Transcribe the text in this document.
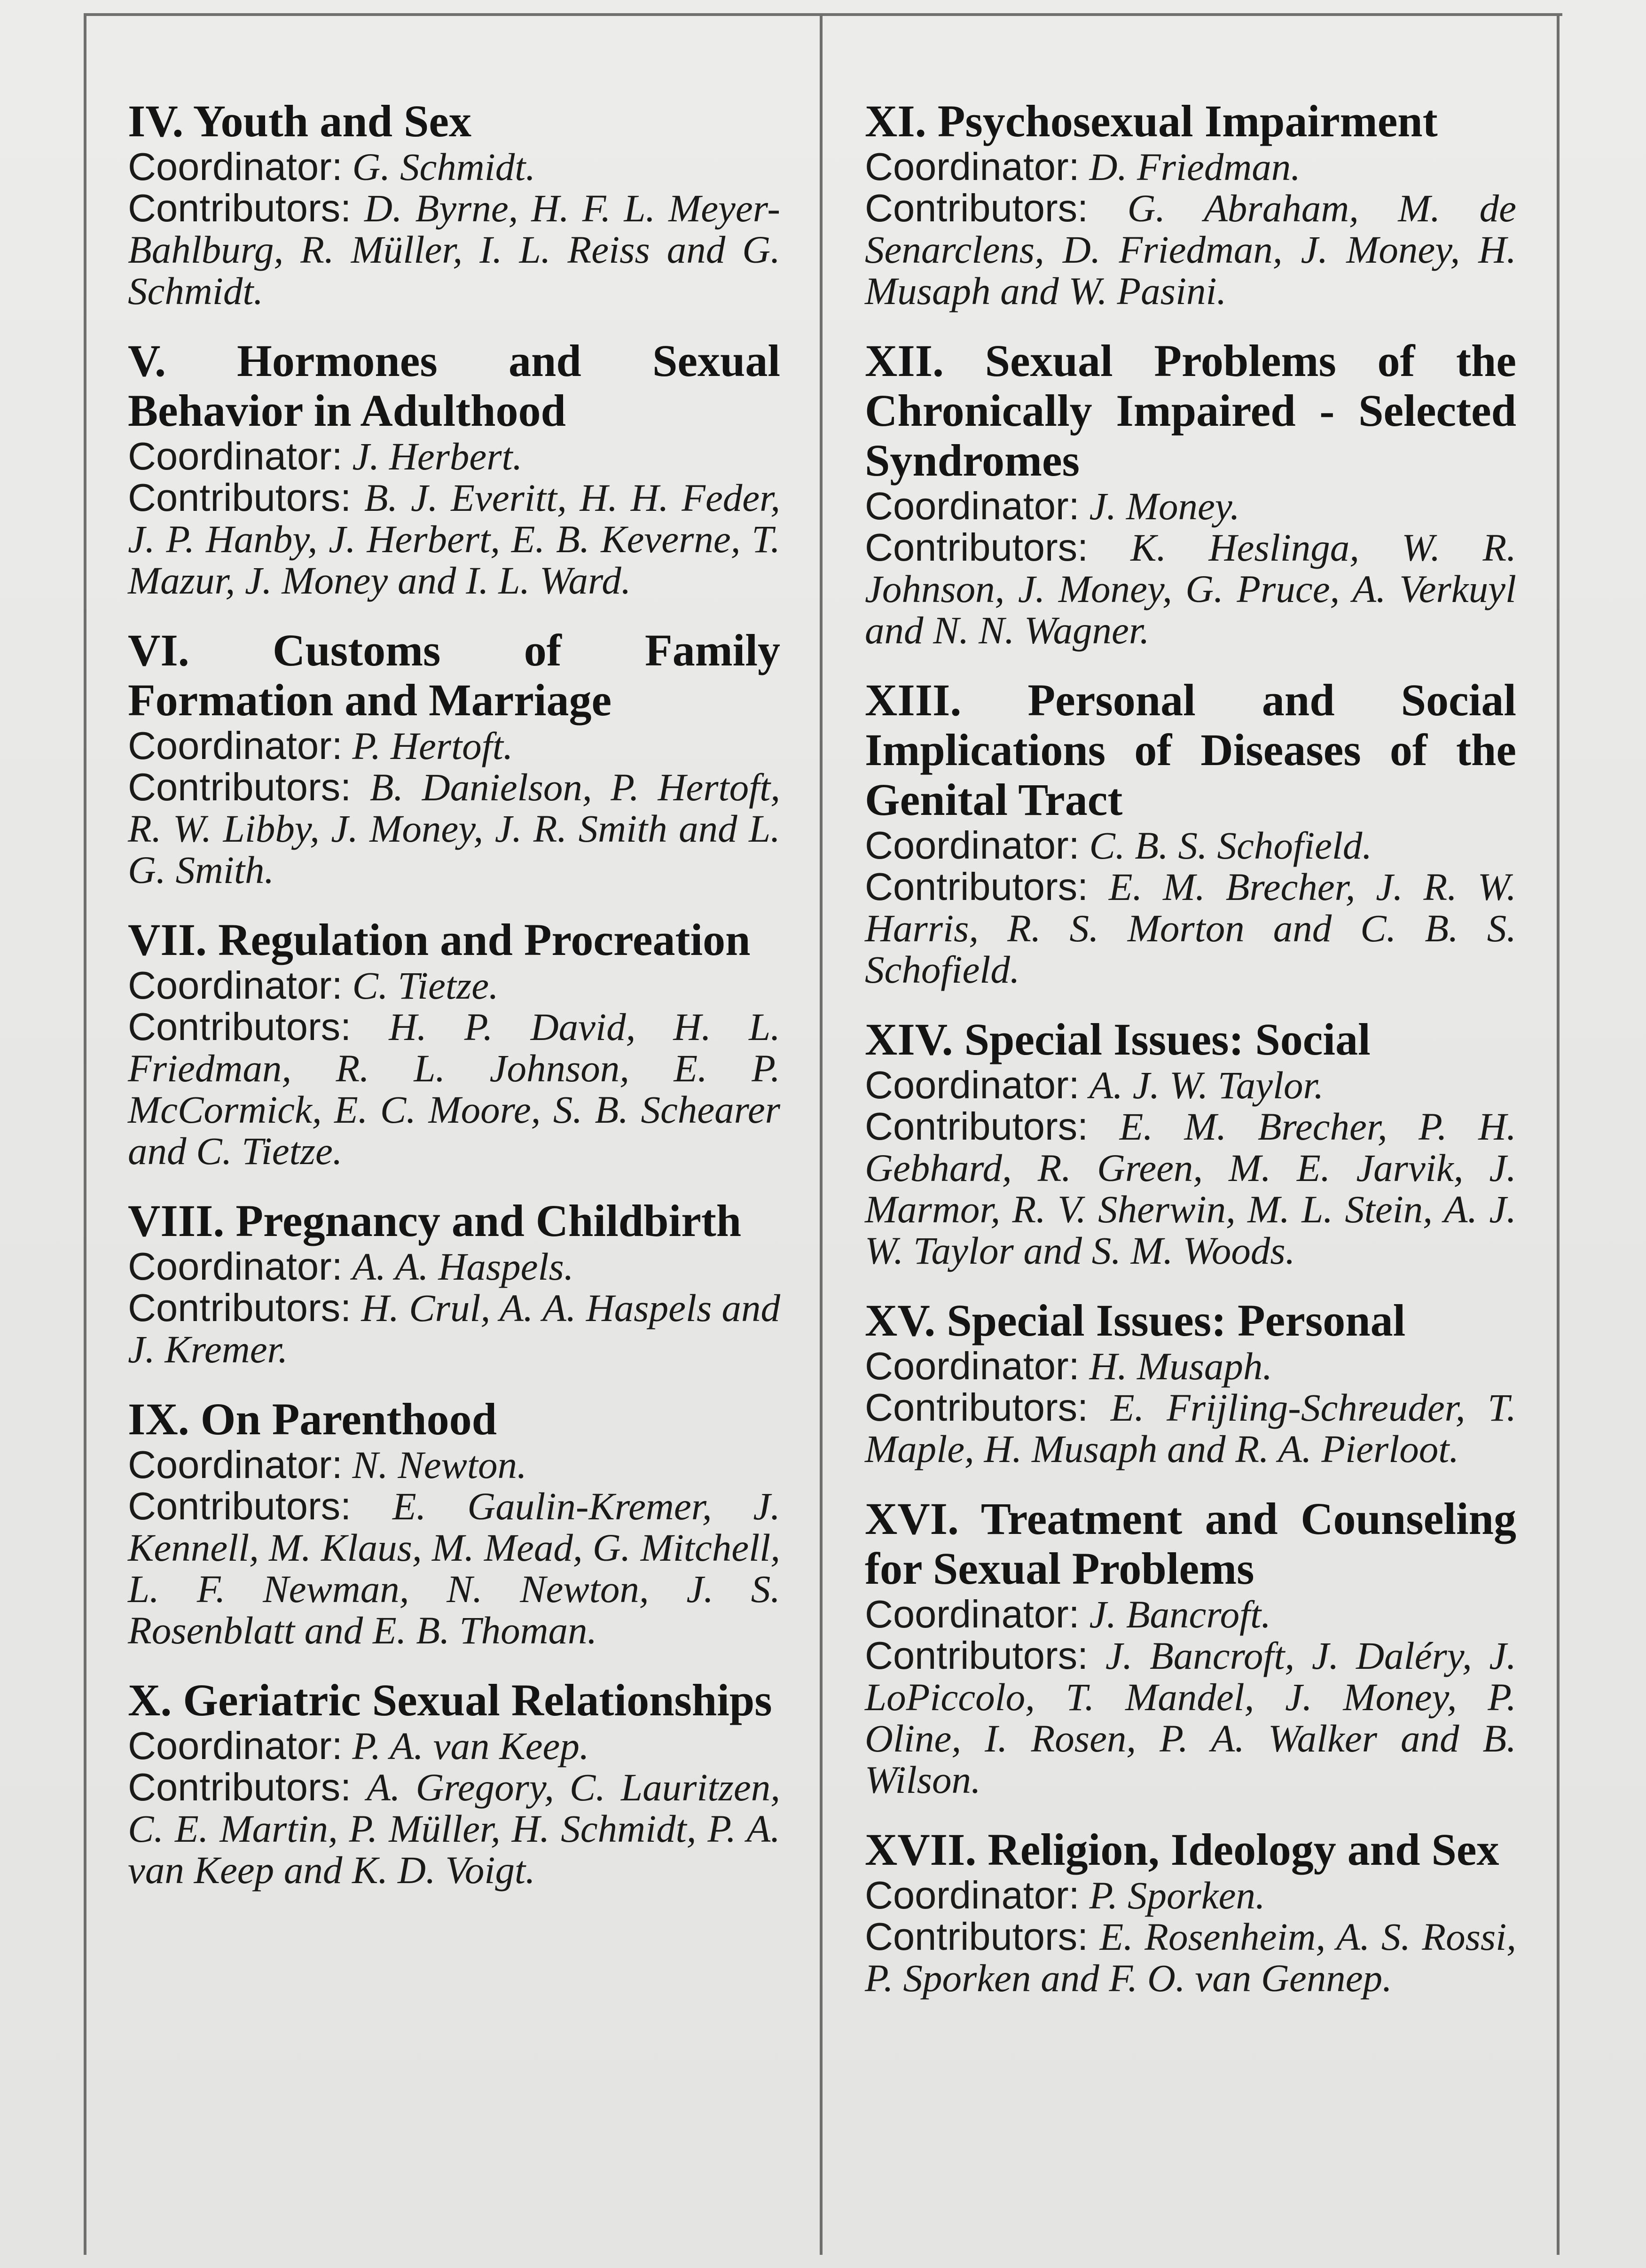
IV. Youth and Sex

Coordinator: G. Schmidt.

Contributors: D. Byrne, H. F. L. Meyer-Bahlburg, R. Müller, I. L. Reiss and G. Schmidt.

V. Hormones and Sexual Behavior in Adulthood

Coordinator: J. Herbert.

Contributors: B. J. Everitt, H. H. Feder, J. P. Hanby, J. Herbert, E. B. Keverne, T. Mazur, J. Money and I. L. Ward.

VI. Customs of Family Formation and Marriage

Coordinator: P. Hertoft.

Contributors: B. Danielson, P. Hertoft, R. W. Libby, J. Money, J. R. Smith and L. G. Smith.

VII. Regulation and Procreation

Coordinator: C. Tietze.

Contributors: H. P. David, H. L. Friedman, R. L. Johnson, E. P. McCormick, E. C. Moore, S. B. Schearer and C. Tietze.

VIII. Pregnancy and Childbirth

Coordinator: A. A. Haspels.

Contributors: H. Crul, A. A. Haspels and J. Kremer.

IX. On Parenthood

Coordinator: N. Newton.

Contributors: E. Gaulin-Kremer, J. Kennell, M. Klaus, M. Mead, G. Mitchell, L. F. Newman, N. Newton, J. S. Rosenblatt and E. B. Thoman.

X. Geriatric Sexual Relationships

Coordinator: P. A. van Keep.

Contributors: A. Gregory, C. Lauritzen, C. E. Martin, P. Müller, H. Schmidt, P. A. van Keep and K. D. Voigt.

XI. Psychosexual Impairment

Coordinator: D. Friedman.

Contributors: G. Abraham, M. de Senarclens, D. Friedman, J. Money, H. Musaph and W. Pasini.

XII. Sexual Problems of the Chronically Impaired - Selected Syndromes

Coordinator: J. Money.

Contributors: K. Heslinga, W. R. Johnson, J. Money, G. Pruce, A. Verkuyl and N. N. Wagner.

XIII. Personal and Social Implications of Diseases of the Genital Tract

Coordinator: C. B. S. Schofield.

Contributors: E. M. Brecher, J. R. W. Harris, R. S. Morton and C. B. S. Schofield.

XIV. Special Issues: Social

Coordinator: A. J. W. Taylor.

Contributors: E. M. Brecher, P. H. Gebhard, R. Green, M. E. Jarvik, J. Marmor, R. V. Sherwin, M. L. Stein, A. J. W. Taylor and S. M. Woods.

XV. Special Issues: Personal

Coordinator: H. Musaph.

Contributors: E. Frijling-Schreuder, T. Maple, H. Musaph and R. A. Pierloot.

XVI. Treatment and Counseling for Sexual Problems

Coordinator: J. Bancroft.

Contributors: J. Bancroft, J. Daléry, J. LoPiccolo, T. Mandel, J. Money, P. Oline, I. Rosen, P. A. Walker and B. Wilson.

XVII. Religion, Ideology and Sex

Coordinator: P. Sporken.

Contributors: E. Rosenheim, A. S. Rossi, P. Sporken and F. O. van Gennep.
